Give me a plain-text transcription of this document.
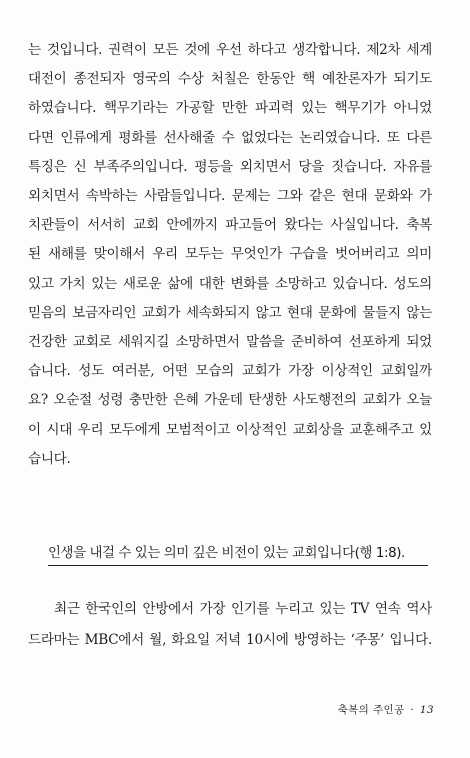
는 것입니다. 권력이 모든 것에 우선 하다고 생각합니다. 제2차 세계
대전이 종전되자 영국의 수상 처칠은 한동안 핵 예찬론자가 되기도
하였습니다. 핵무기라는 가공할 만한 파괴력 있는 핵무기가 아니었
다면 인류에게 평화를 선사해줄 수 없었다는 논리였습니다. 또 다른
특징은 신 부족주의입니다. 평등을 외치면서 당을 짓습니다. 자유를
외치면서 속박하는 사람들입니다. 문제는 그와 같은 현대 문화와 가
치관들이 서서히 교회 안에까지 파고들어 왔다는 사실입니다. 축복
된 새해를 맞이해서 우리 모두는 무엇인가 구습을 벗어버리고 의미
있고 가치 있는 새로운 삶에 대한 변화를 소망하고 있습니다. 성도의
믿음의 보금자리인 교회가 세속화되지 않고 현대 문화에 물들지 않는
건강한 교회로 세워지길 소망하면서 말씀을 준비하여 선포하게 되었
습니다. 성도 여러분, 어떤 모습의 교회가 가장 이상적인 교회일까
요? 오순절 성령 충만한 은혜 가운데 탄생한 사도행전의 교회가 오늘
이 시대 우리 모두에게 모범적이고 이상적인 교회상을 교훈해주고 있
습니다.
인생을 내걸 수 있는 의미 깊은 비전이 있는 교회입니다(행 1:8).
최근 한국인의 안방에서 가장 인기를 누리고 있는 TV 연속 역사
드라마는 MBC에서 월, 화요일 저녁 10시에 방영하는 ‘주몽’ 입니다.
축복의 주인공 · 13
